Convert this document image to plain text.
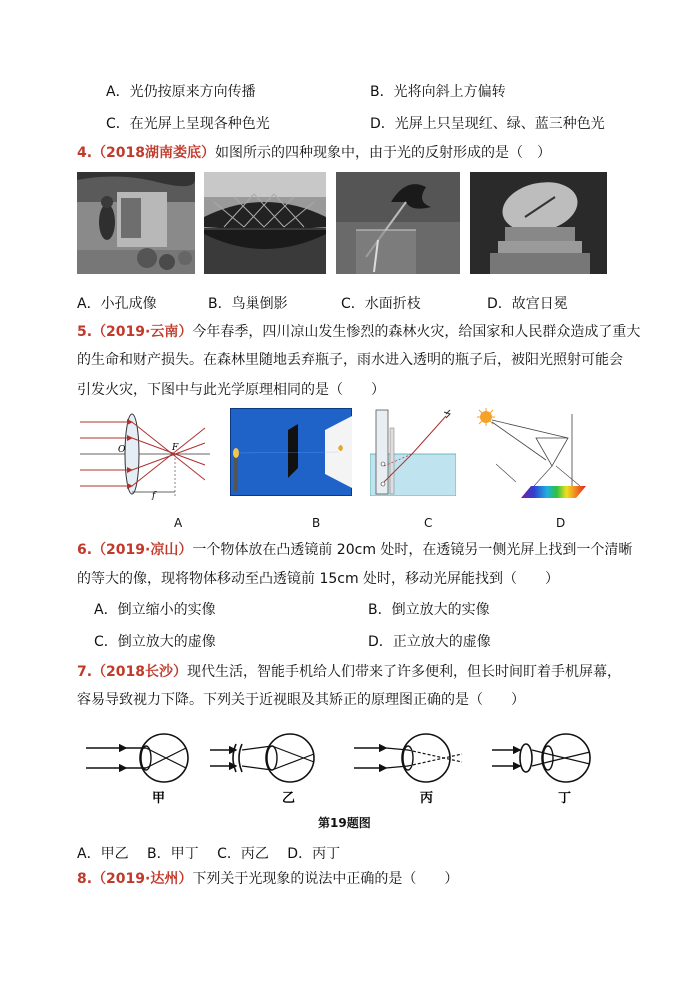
A．光仍按原来方向传播	B．光将向斜上方偏转
C．在光屏上呈现各种色光	D．光屏上只呈现红、绿、蓝三种色光
4.（2018湖南娄底）如图所示的四种现象中，由于光的反射形成的是（　）
A．小孔成像	B．鸟巢倒影	C．水面折枝	D．故宫日冕
5.（2019·云南）今年春季，四川凉山发生惨烈的森林火灾，给国家和人民群众造成了重大
的生命和财产损失。在森林里随地丢弃瓶子，雨水进入透明的瓶子后，被阳光照射可能会
引发火灾，下图中与此光学原理相同的是（　　）
O	F
f
A	B	C	D
6.（2019·凉山）一个物体放在凸透镜前 20cm 处时，在透镜另一侧光屏上找到一个清晰
的等大的像，现将物体移动至凸透镜前 15cm 处时，移动光屏能找到（　　）
A．倒立缩小的实像	B．倒立放大的实像
C．倒立放大的虚像	D．正立放大的虚像
7.（2018长沙）现代生活，智能手机给人们带来了许多便利，但长时间盯着手机屏幕，
容易导致视力下降。下列关于近视眼及其矫正的原理图正确的是（　　）
甲	乙	丙	丁
第19题图
A．甲乙　 B．甲丁　 C．丙乙　 D．丙丁
8.（2019·达州）下列关于光现象的说法中正确的是（　　）
